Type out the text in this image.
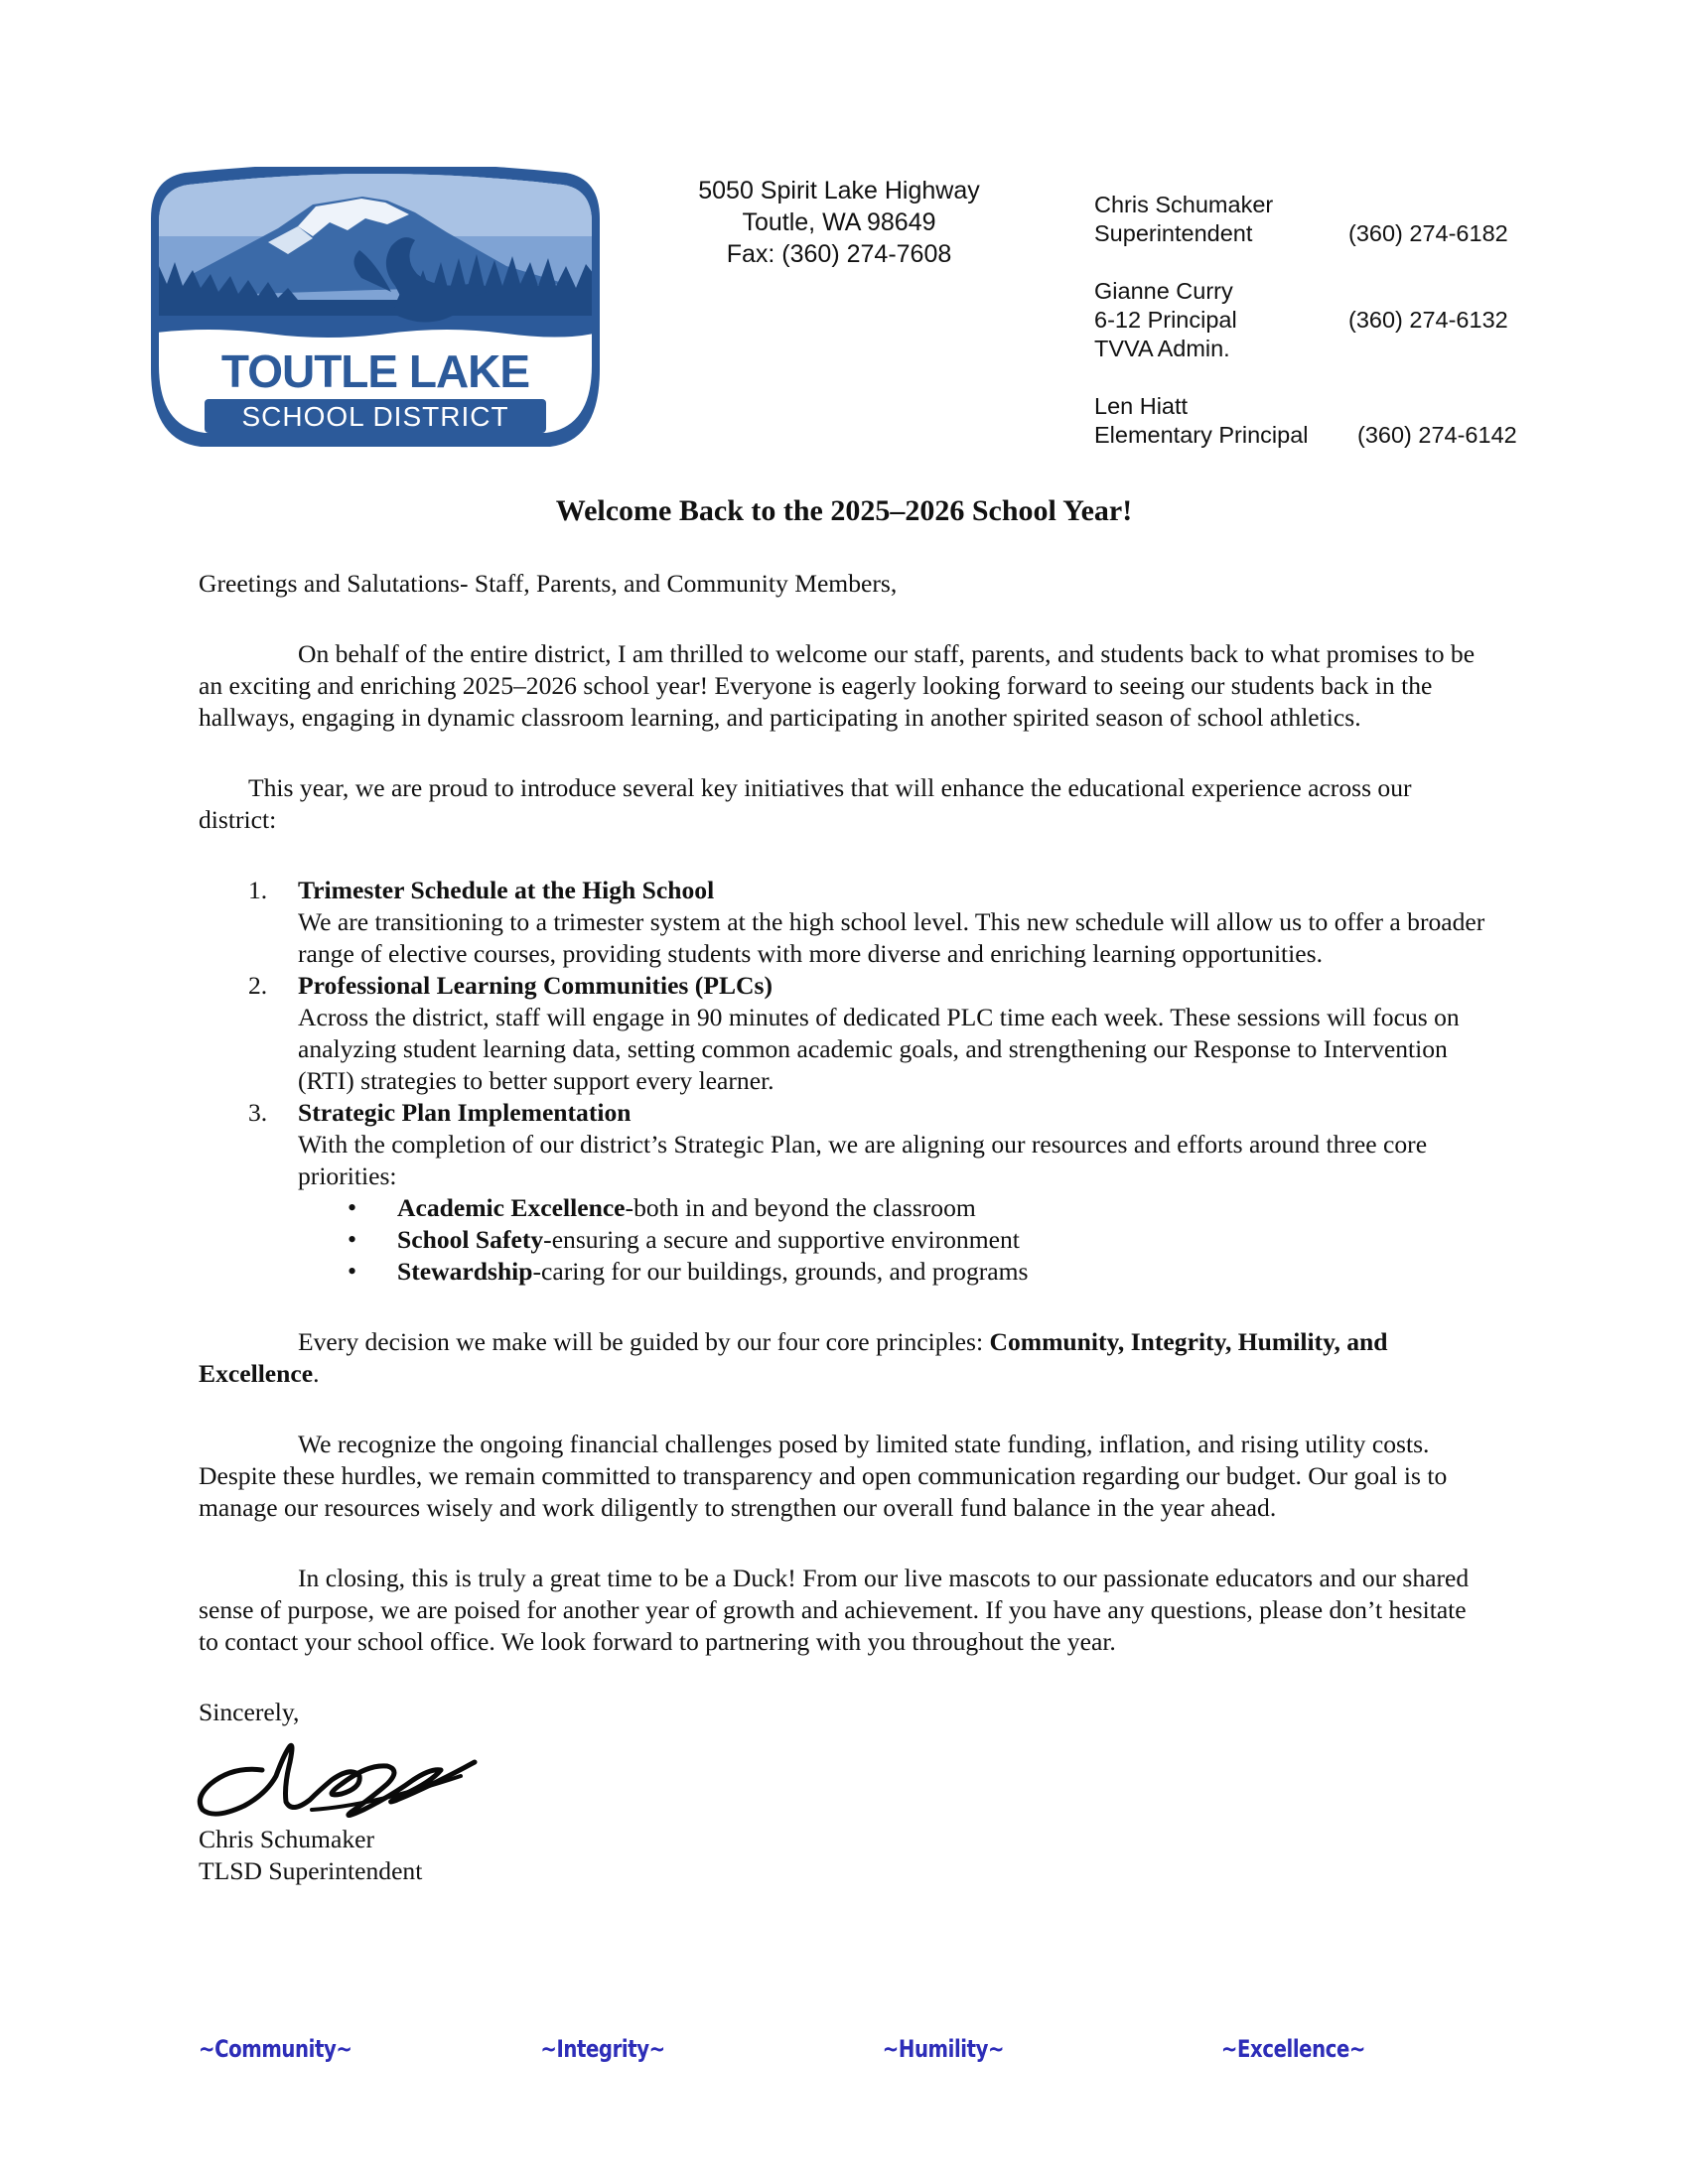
TOUTLE LAKE
SCHOOL DISTRICT
5050 Spirit Lake Highway
Toutle, WA 98649
Fax: (360) 274-7608
Chris Schumaker
Superintendent	(360) 274-6182
Gianne Curry
6-12 Principal	(360) 274-6132
TVVA Admin.
Len Hiatt
Elementary Principal (360) 274-6142
Welcome Back to the 2025–2026 School Year!

Greetings and Salutations- Staff, Parents, and Community Members,

On behalf of the entire district, I am thrilled to welcome our staff, parents, and students back to what promises to be an exciting and enriching 2025–2026 school year! Everyone is eagerly looking forward to seeing our students back in the hallways, engaging in dynamic classroom learning, and participating in another spirited season of school athletics.

This year, we are proud to introduce several key initiatives that will enhance the educational experience across our district:

1. Trimester Schedule at the High School
We are transitioning to a trimester system at the high school level. This new schedule will allow us to offer a broader range of elective courses, providing students with more diverse and enriching learning opportunities.
2. Professional Learning Communities (PLCs)
Across the district, staff will engage in 90 minutes of dedicated PLC time each week. These sessions will focus on analyzing student learning data, setting common academic goals, and strengthening our Response to Intervention (RTI) strategies to better support every learner.
3. Strategic Plan Implementation
With the completion of our district’s Strategic Plan, we are aligning our resources and efforts around three core priorities:
• Academic Excellence-both in and beyond the classroom
• School Safety-ensuring a secure and supportive environment
• Stewardship-caring for our buildings, grounds, and programs

Every decision we make will be guided by our four core principles: Community, Integrity, Humility, and Excellence.

We recognize the ongoing financial challenges posed by limited state funding, inflation, and rising utility costs. Despite these hurdles, we remain committed to transparency and open communication regarding our budget. Our goal is to manage our resources wisely and work diligently to strengthen our overall fund balance in the year ahead.

In closing, this is truly a great time to be a Duck! From our live mascots to our passionate educators and our shared sense of purpose, we are poised for another year of growth and achievement. If you have any questions, please don’t hesitate to contact your school office. We look forward to partnering with you throughout the year.

Sincerely,

Chris Schumaker

TLSD Superintendent

~Community~	~Integrity~	~Humility~	~Excellence~
